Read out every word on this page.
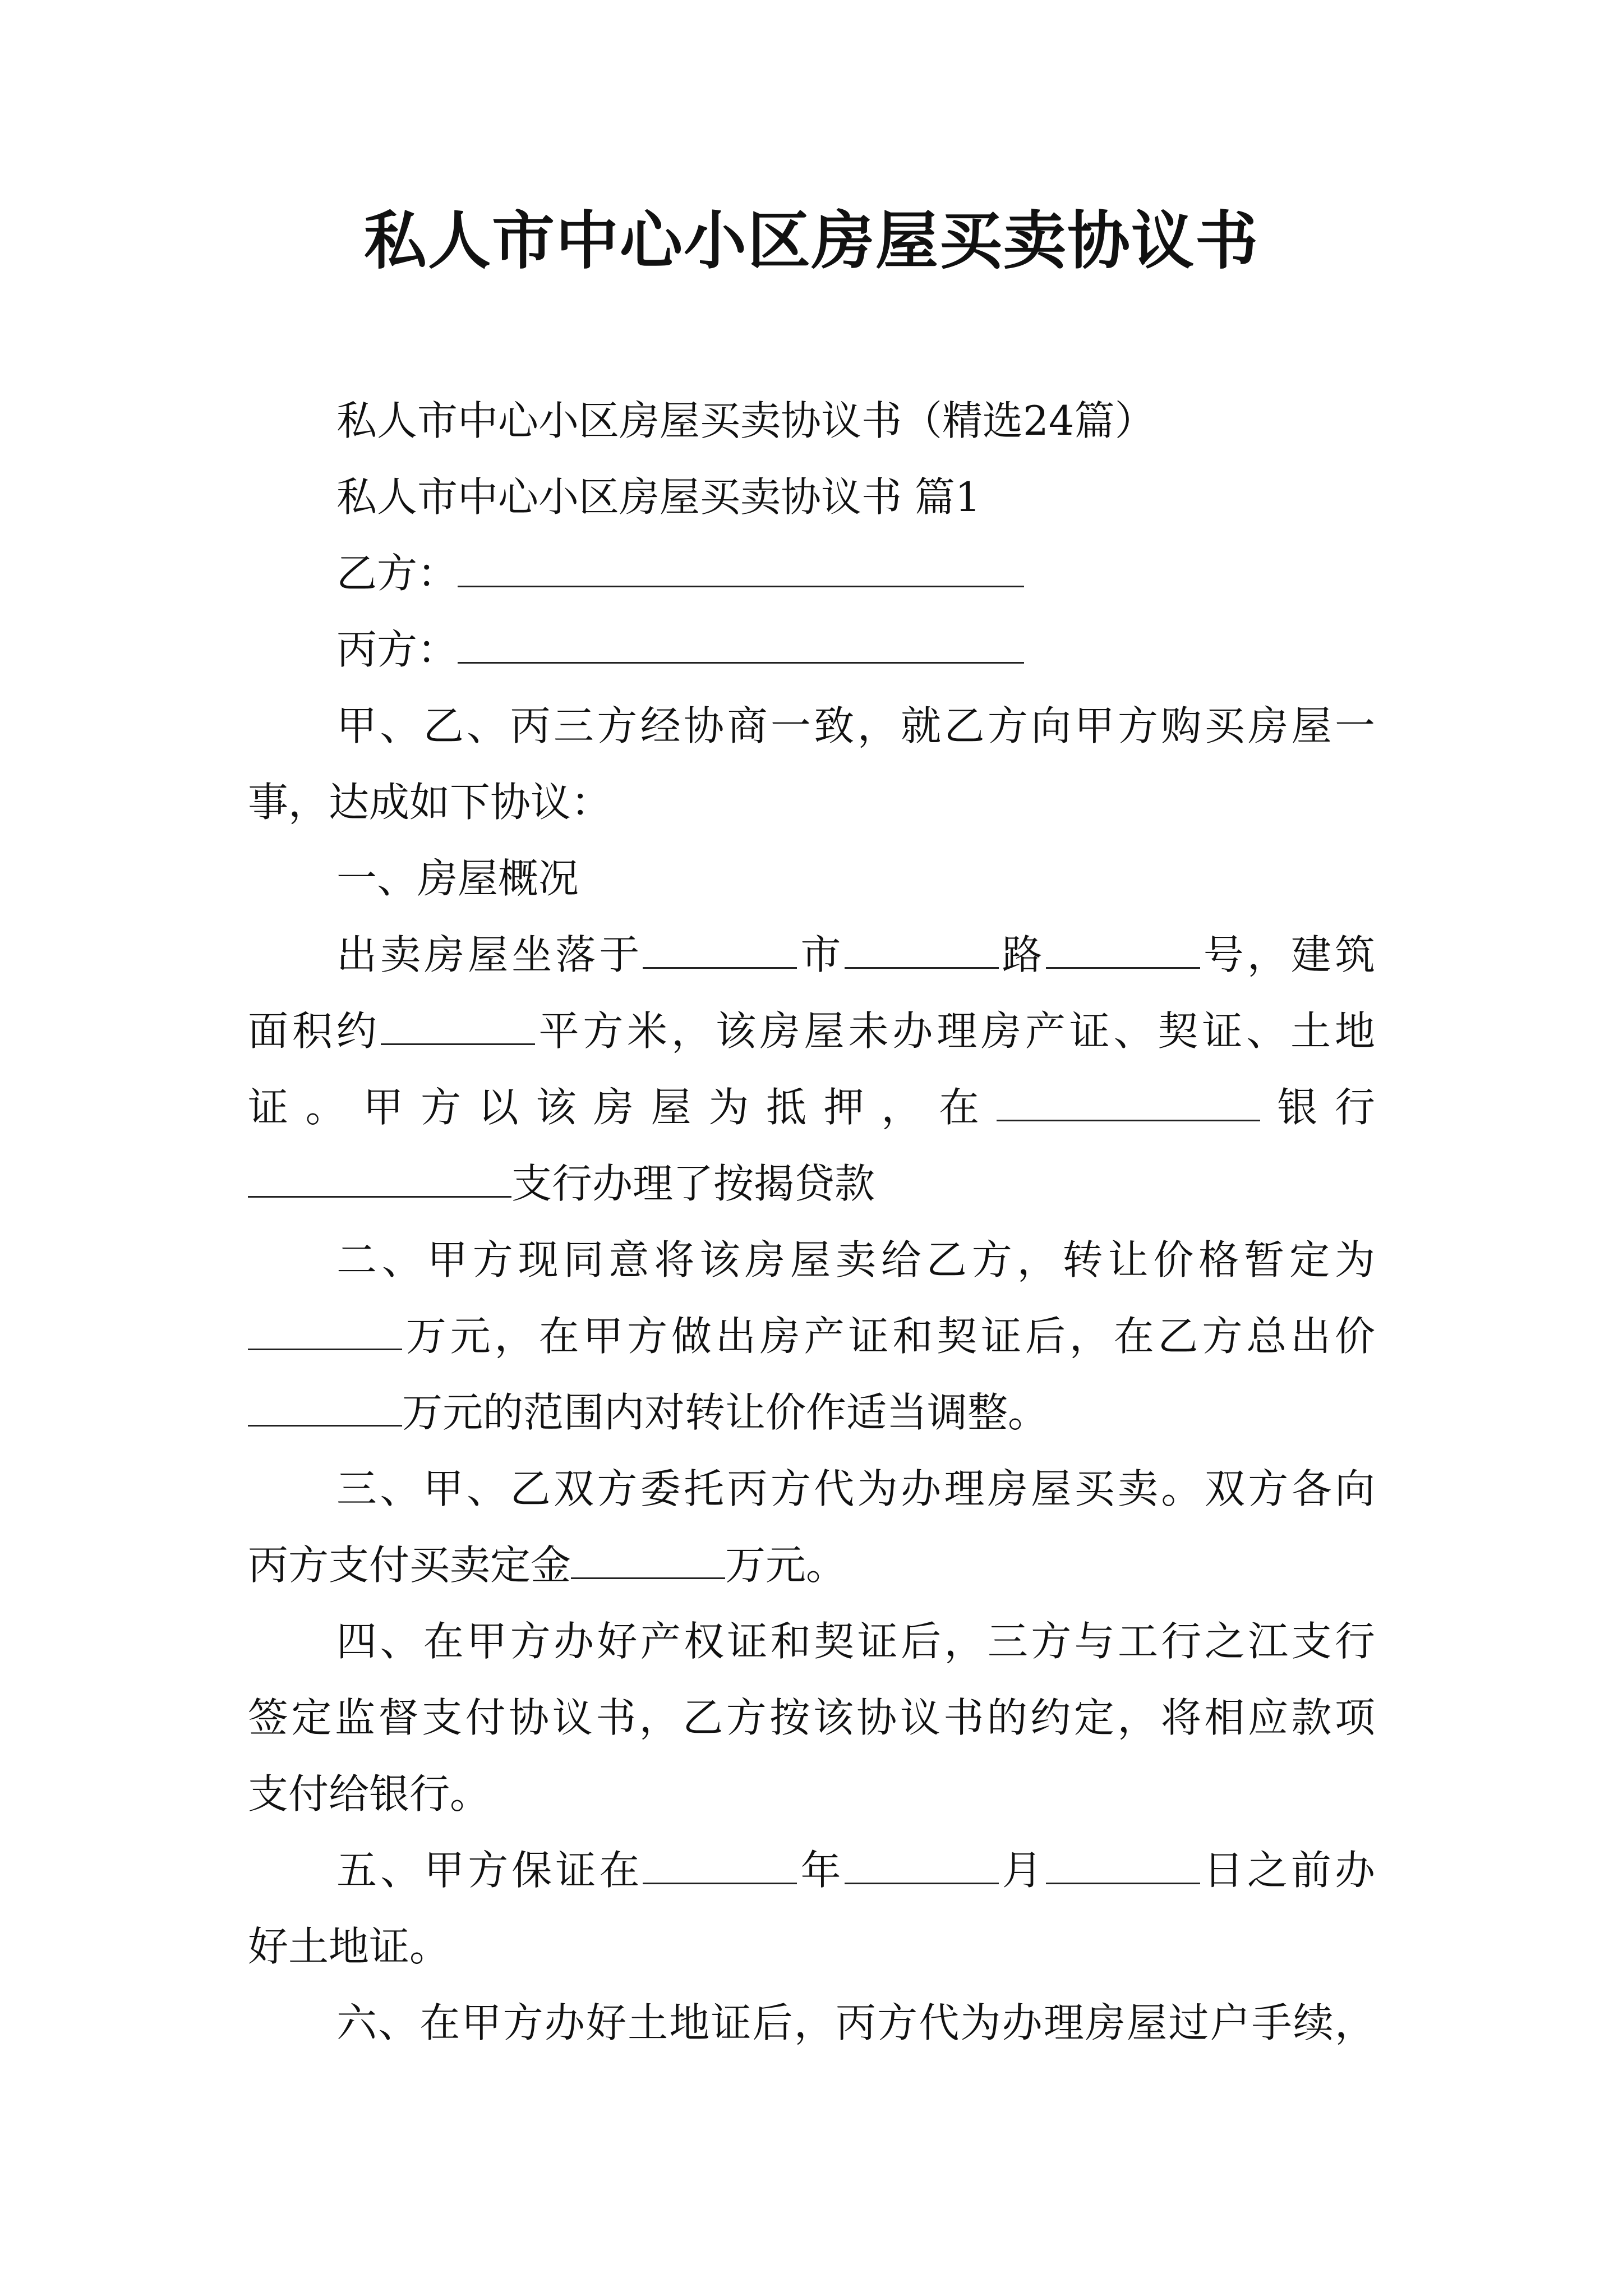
私人市中心小区房屋买卖协议书
私人市中心小区房屋买卖协议书（精选24篇）
私人市中心小区房屋买卖协议书 篇1
乙方：
丙方：
甲、乙、丙三方经协商一致，就乙方向甲方购买房屋一
事，达成如下协议：
一、房屋概况
出卖房屋坐落于	市	路	号，建筑
面积约	平方米，该房屋未办理房产证、契证、土地
证。甲方以该房屋为抵押，在	银行
支行办理了按揭贷款
二、甲方现同意将该房屋卖给乙方，转让价格暂定为
万元，在甲方做出房产证和契证后，在乙方总出价
万元的范围内对转让价作适当调整。
三、甲、乙双方委托丙方代为办理房屋买卖。双方各向
丙方支付买卖定金	万元。
四、在甲方办好产权证和契证后，三方与工行之江支行
签定监督支付协议书，乙方按该协议书的约定，将相应款项
支付给银行。
五、甲方保证在	年	月	日之前办
好土地证。
六、在甲方办好土地证后，丙方代为办理房屋过户手续，
